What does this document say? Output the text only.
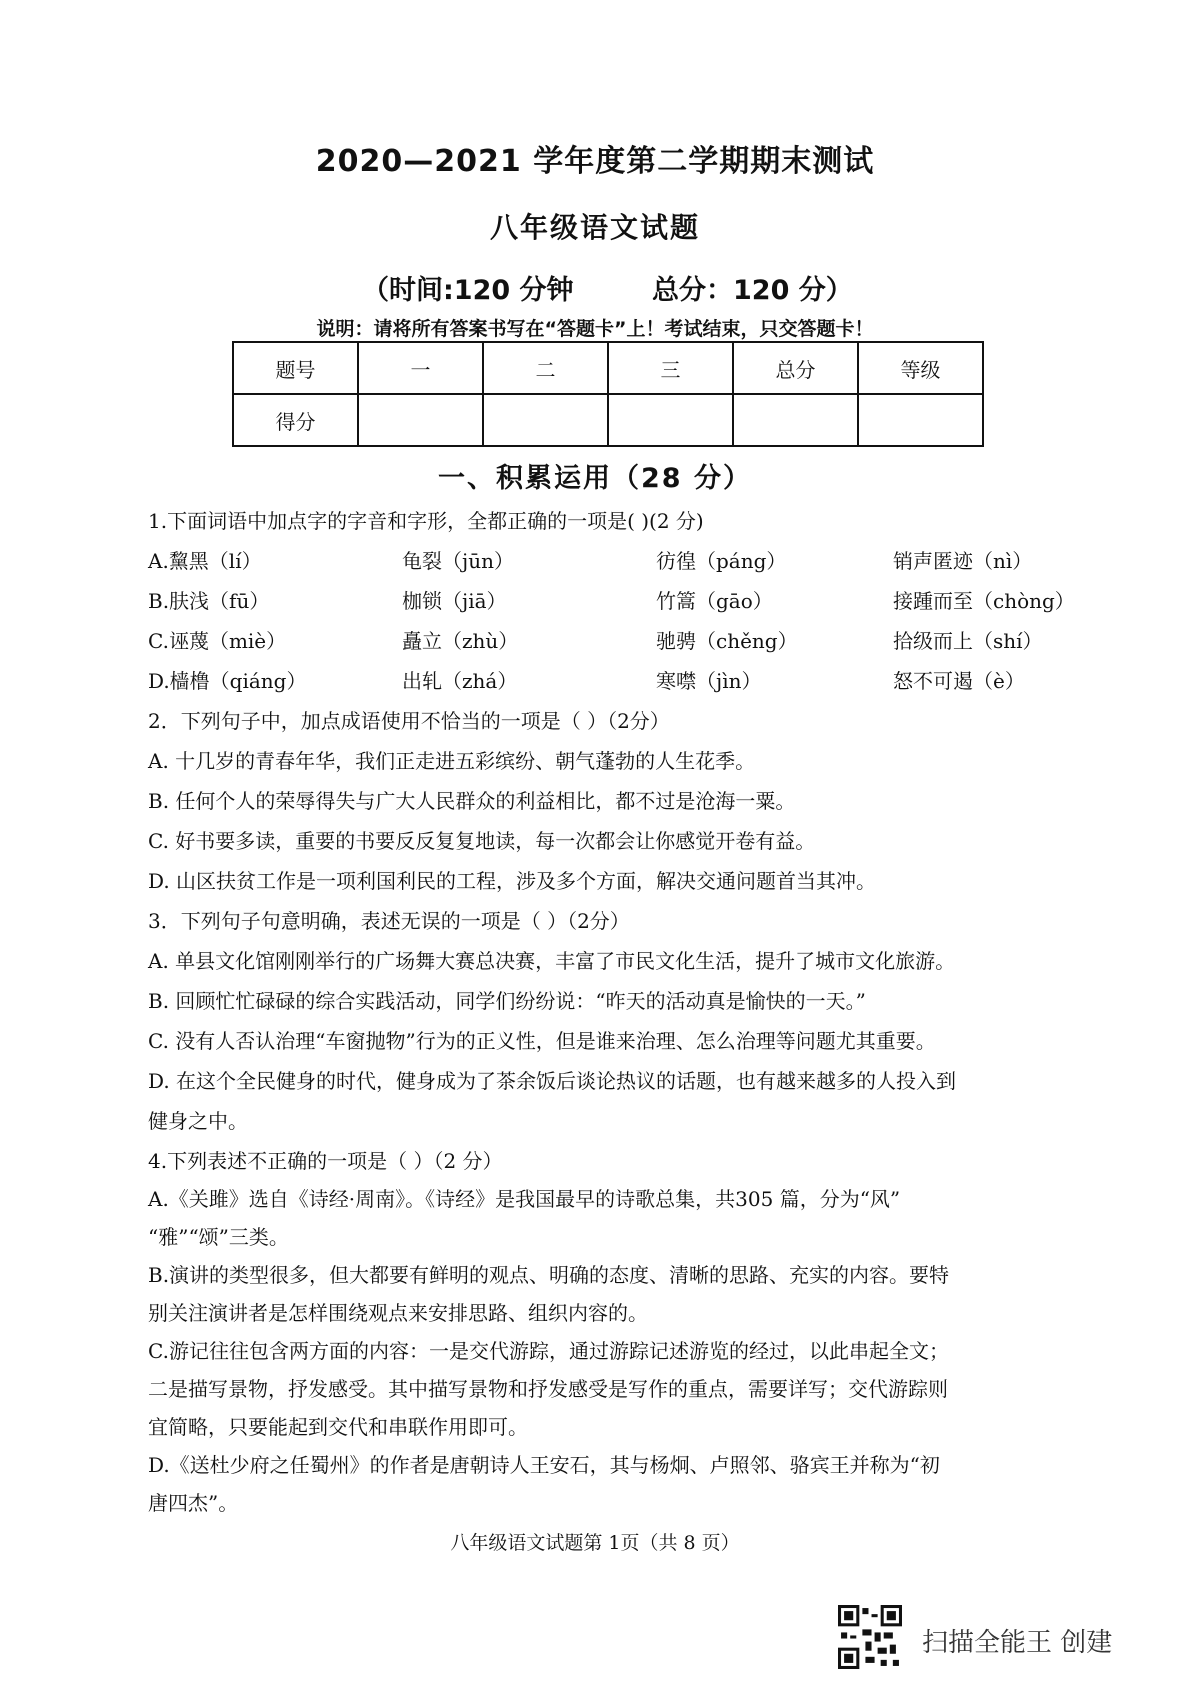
2020—2021 学年度第二学期期末测试
八年级语文试题
（时间:120 分钟	总分：120 分）
说明：请将所有答案书写在“答题卡”上！考试结束，只交答题卡！
题号	一	二	三	总分	等级
得分					
一、积累运用（28 分）
1.下面词语中加点字的字音和字形，全都正确的一项是( )(2 分)
A.黧黑（lí）	龟裂（jūn）	彷徨（páng）	销声匿迹（nì）
B.肤浅（fū）	枷锁（jiā）	竹篙（gāo）	接踵而至（chòng）
C.诬蔑（miè）	矗立（zhù）	驰骋（chěng）	拾级而上（shí）
D.樯橹（qiáng）	出轧（zhá）	寒噤（jìn）	怒不可遏（è）
2．下列句子中，加点成语使用不恰当的一项是（ ）（2分）
A. 十几岁的青春年华，我们正走进五彩缤纷、朝气蓬勃的人生花季。
B. 任何个人的荣辱得失与广大人民群众的利益相比，都不过是沧海一粟。
C. 好书要多读，重要的书要反反复复地读，每一次都会让你感觉开卷有益。
D. 山区扶贫工作是一项利国利民的工程，涉及多个方面，解决交通问题首当其冲。
3．下列句子句意明确，表述无误的一项是（ ）（2分）
A. 单县文化馆刚刚举行的广场舞大赛总决赛，丰富了市民文化生活，提升了城市文化旅游。
B. 回顾忙忙碌碌的综合实践活动，同学们纷纷说：“昨天的活动真是愉快的一天。”
C. 没有人否认治理“车窗抛物”行为的正义性，但是谁来治理、怎么治理等问题尤其重要。
D. 在这个全民健身的时代，健身成为了茶余饭后谈论热议的话题，也有越来越多的人投入到
健身之中。
4.下列表述不正确的一项是（ ）（2 分）
A.《关雎》选自《诗经·周南》。《诗经》是我国最早的诗歌总集，共305 篇，分为“风”
“雅”“颂”三类。
B.演讲的类型很多，但大都要有鲜明的观点、明确的态度、清晰的思路、充实的内容。要特
别关注演讲者是怎样围绕观点来安排思路、组织内容的。
C.游记往往包含两方面的内容：一是交代游踪，通过游踪记述游览的经过，以此串起全文；
二是描写景物，抒发感受。其中描写景物和抒发感受是写作的重点，需要详写；交代游踪则
宜简略，只要能起到交代和串联作用即可。
D.《送杜少府之任蜀州》的作者是唐朝诗人王安石，其与杨炯、卢照邻、骆宾王并称为“初
唐四杰”。
八年级语文试题第 1页（共 8 页）
扫描全能王 创建
